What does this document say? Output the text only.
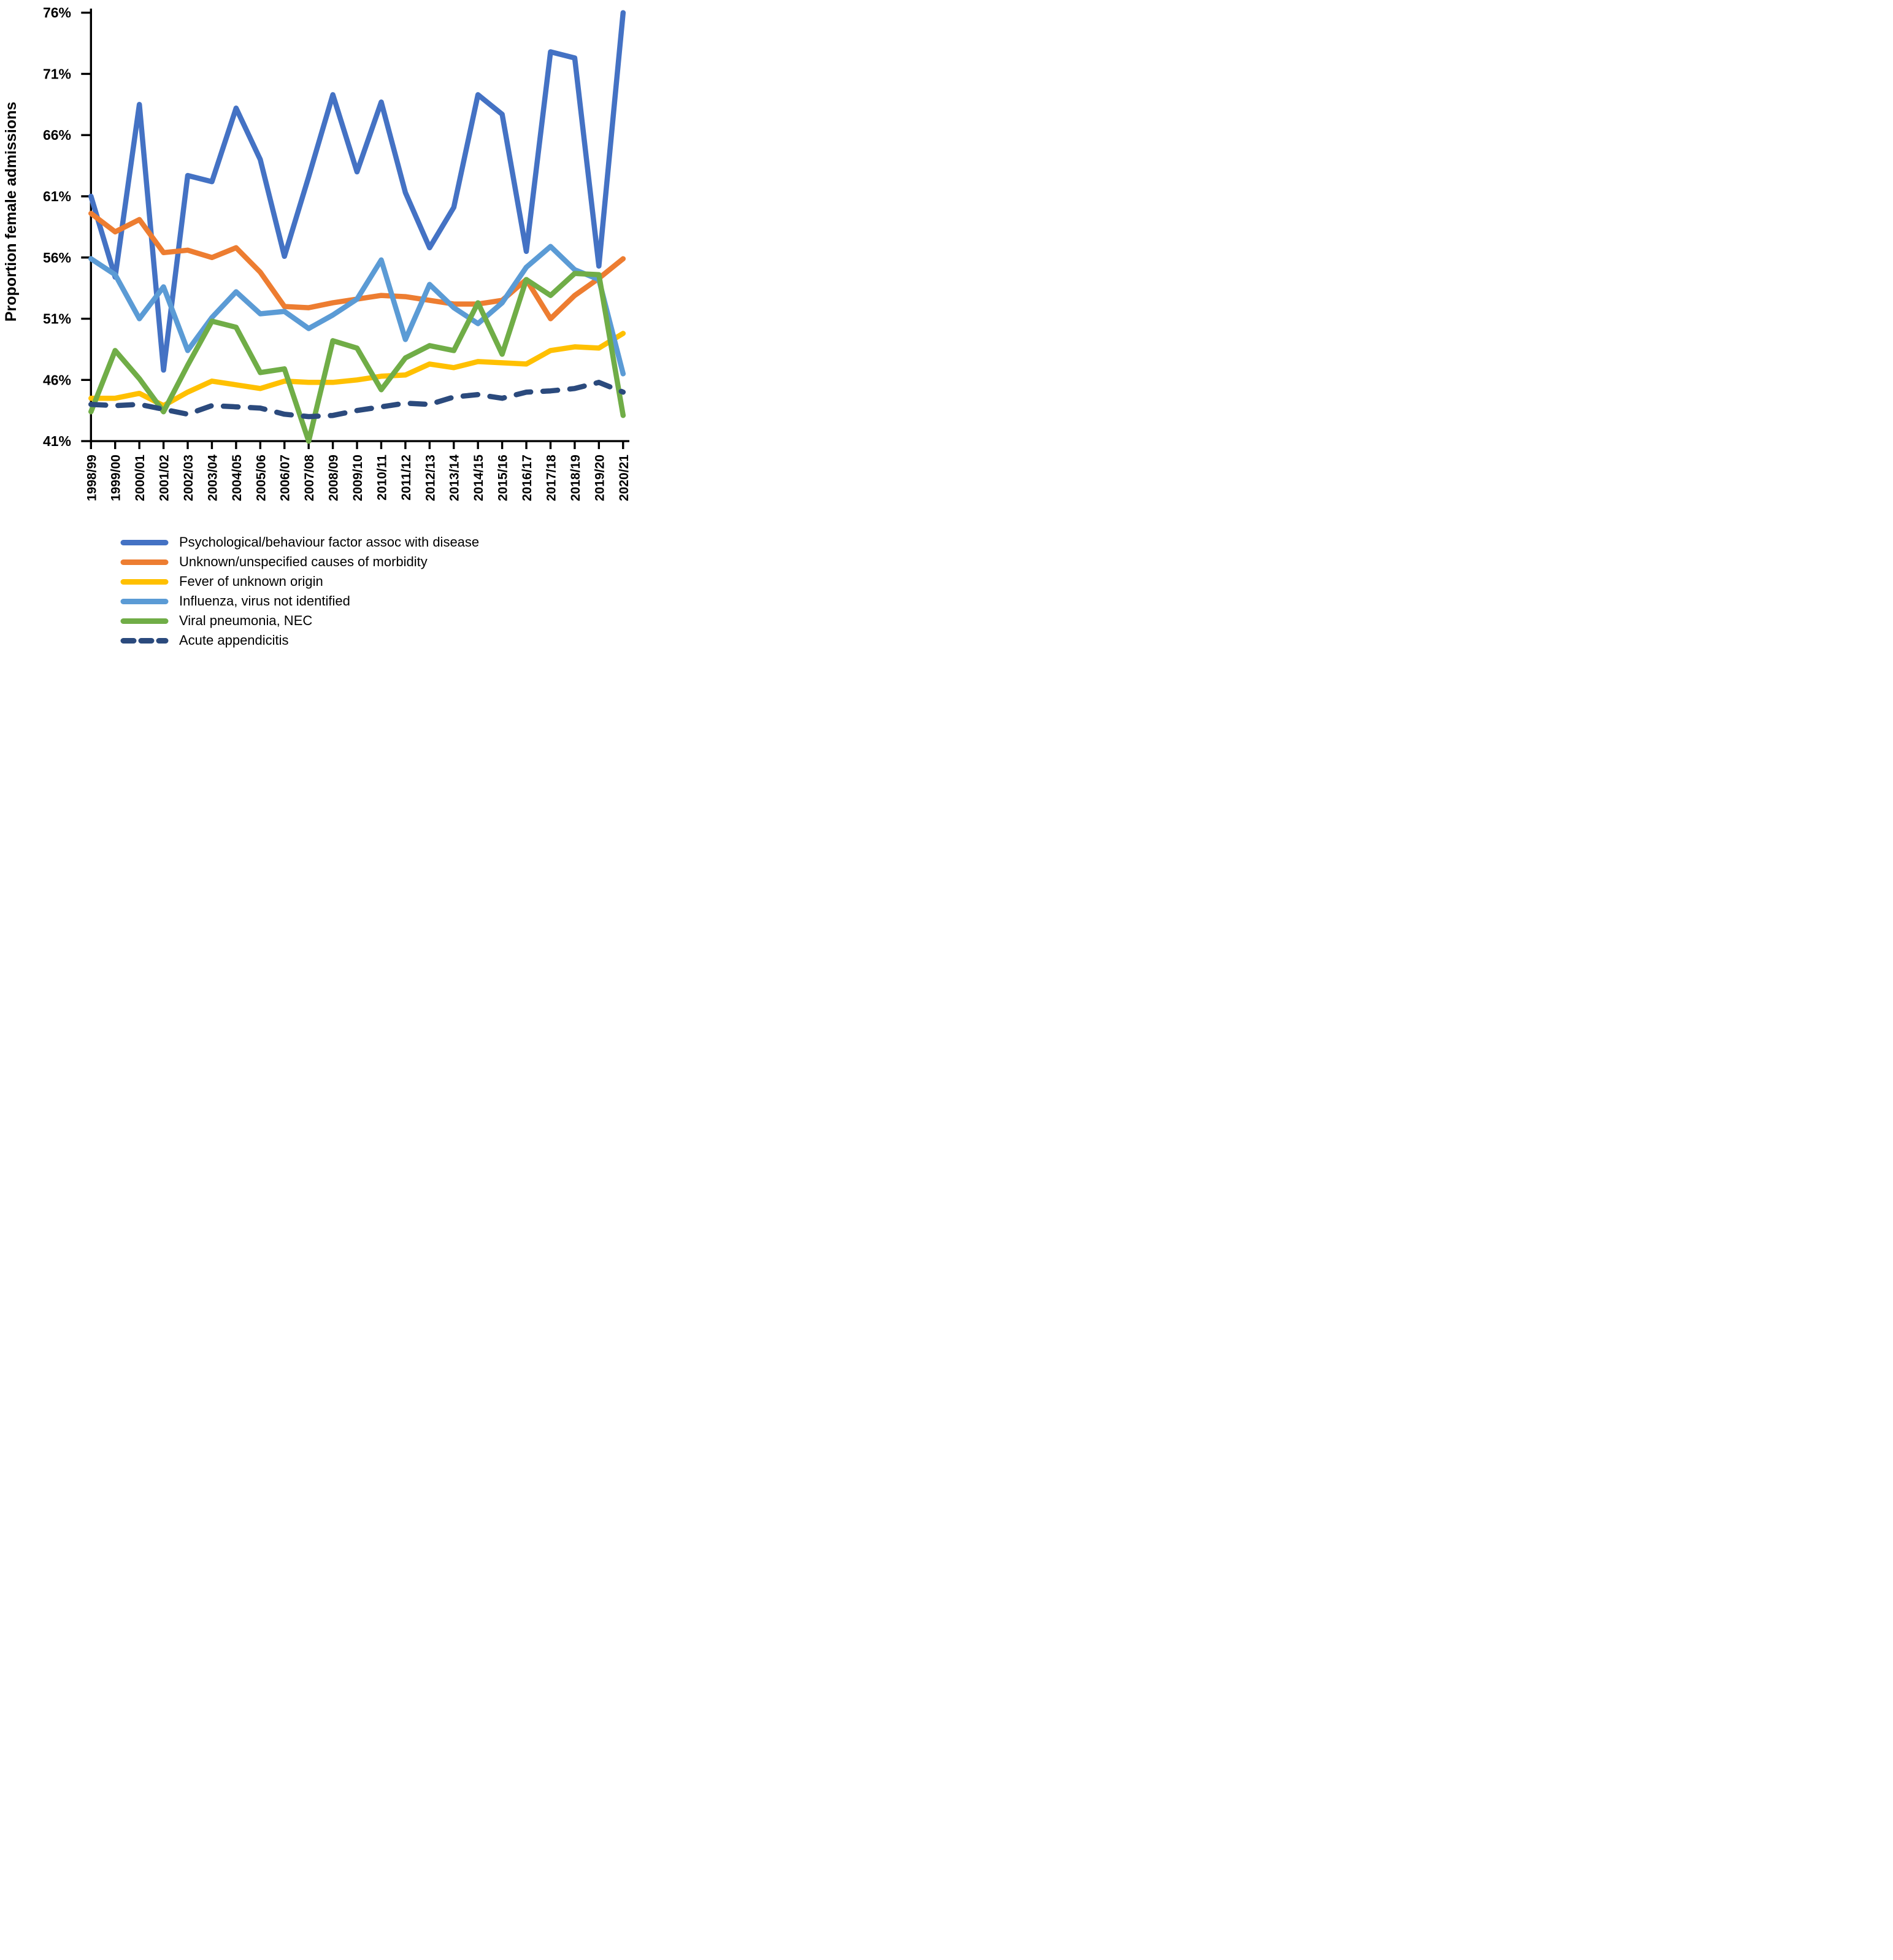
76%
71%
66%
61%
56%
51%
46%
41%
1998/99 1999/00 2000/01 2001/02 2002/03 2003/04 2004/05 2005/06 2006/07 2007/08 2008/09 2009/10 2010/11 2011/12 2012/13 2013/14 2014/15 2015/16 2016/17 2017/18 2018/19 2019/20 2020/21
Proportion female admissions
Psychological/behaviour factor assoc with disease
Unknown/unspecified causes of morbidity
Fever of unknown origin
Influenza, virus not identified
Viral pneumonia, NEC
Acute appendicitis
